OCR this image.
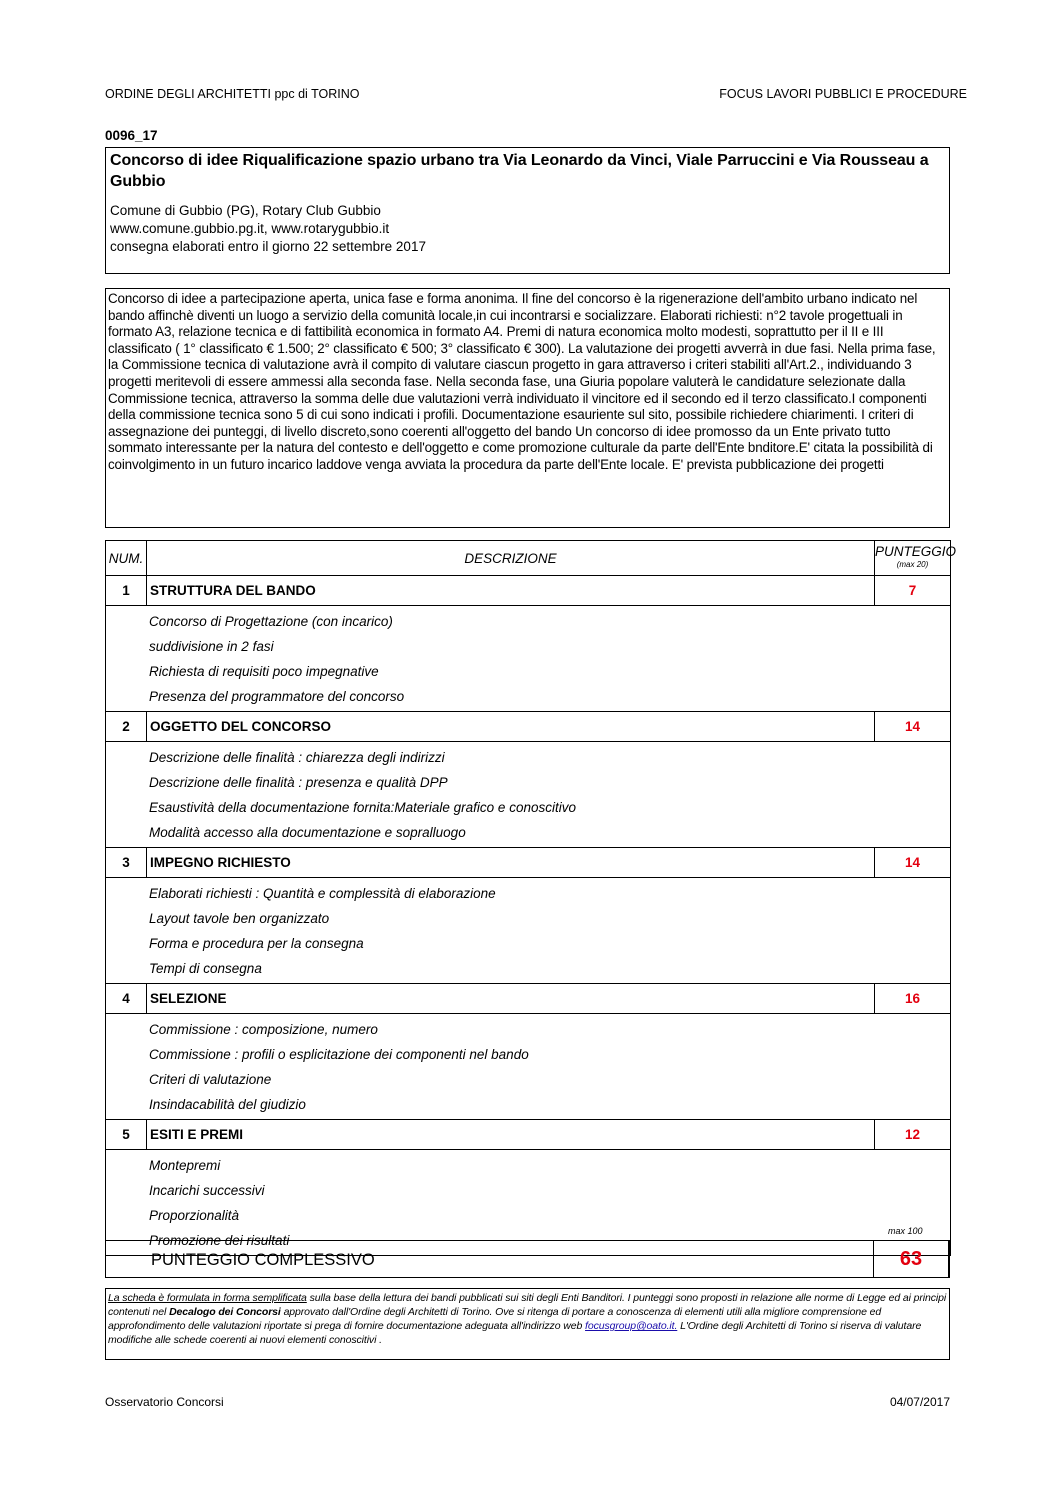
ORDINE DEGLI ARCHITETTI ppc di TORINO	FOCUS LAVORI PUBBLICI E PROCEDURE
0096_17
Concorso di idee Riqualificazione spazio urbano tra Via Leonardo da Vinci, Viale Parruccini e Via Rousseau a Gubbio
Comune di Gubbio (PG), Rotary Club Gubbio
www.comune.gubbio.pg.it, www.rotarygubbio.it
consegna elaborati entro il giorno 22 settembre 2017
Concorso di idee a partecipazione aperta, unica fase e forma anonima. Il fine del concorso è la rigenerazione dell'ambito urbano indicato nel bando affinchè diventi un luogo a servizio della comunità locale,in cui incontrarsi e socializzare. Elaborati richiesti: n°2 tavole progettuali in formato A3, relazione tecnica e di fattibilità economica in formato A4. Premi di natura economica molto modesti, soprattutto per il II e III classificato ( 1° classificato € 1.500; 2° classificato € 500; 3° classificato € 300). La valutazione dei progetti avverrà in due fasi. Nella prima fase, la Commissione tecnica di valutazione avrà il compito di valutare ciascun progetto in gara attraverso i criteri stabiliti all'Art.2., individuando 3 progetti meritevoli di essere ammessi alla seconda fase. Nella seconda fase, una Giuria popolare valuterà le candidature selezionate dalla Commissione tecnica, attraverso la somma delle due valutazioni verrà individuato il vincitore ed il secondo ed il terzo classificato.I componenti della commissione tecnica sono 5 di cui sono indicati i profili. Documentazione esauriente sul sito, possibile richiedere chiarimenti. I criteri di assegnazione dei punteggi, di livello discreto,sono coerenti all'oggetto del bando Un concorso di idee promosso da un Ente privato tutto sommato interessante per la natura del contesto e dell'oggetto e come promozione culturale da parte dell'Ente bnditore.E' citata la possibilità di coinvolgimento in un futuro incarico laddove venga avviata la procedura da parte dell'Ente locale. E' prevista pubblicazione dei progetti
NUM.	DESCRIZIONE	PUNTEGGIO
(max 20)
1	STRUTTURA DEL BANDO	7

Concorso di Progettazione (con incarico)
suddivisione in 2 fasi
Richiesta di requisiti poco impegnative
Presenza del programmatore del concorso		

2	OGGETTO DEL CONCORSO	14

Descrizione delle finalità : chiarezza degli indirizzi
Descrizione delle finalità : presenza e qualità DPP
Esaustività della documentazione fornita:Materiale grafico e conoscitivo
Modalità accesso alla documentazione e sopralluogo		

3	IMPEGNO RICHIESTO	14

Elaborati richiesti : Quantità e complessità di elaborazione
Layout tavole ben organizzato
Forma e procedura per la consegna
Tempi di consegna		

4	SELEZIONE	16

Commissione : composizione, numero
Commissione : profili o esplicitazione dei componenti nel bando
Criteri di valutazione
Insindacabilità del giudizio		

5	ESITI E PREMI	12

Montepremi
Incarichi successivi
Proporzionalità
Promozione dei risultati		
max 100
PUNTEGGIO COMPLESSIVO	63
La scheda è formulata in forma semplificata sulla base della lettura dei bandi pubblicati sui siti degli Enti Banditori. I punteggi sono proposti in relazione alle norme di Legge ed ai principi contenuti nel Decalogo dei Concorsi approvato dall'Ordine degli Architetti di Torino. Ove si ritenga di portare a conoscenza di elementi utili alla migliore comprensione ed approfondimento delle valutazioni riportate si prega di fornire documentazione adeguata all'indirizzo web focusgroup@oato.it. L'Ordine degli Architetti di Torino si riserva di valutare modifiche alle schede coerenti ai nuovi elementi conoscitivi .
Osservatorio Concorsi	04/07/2017
